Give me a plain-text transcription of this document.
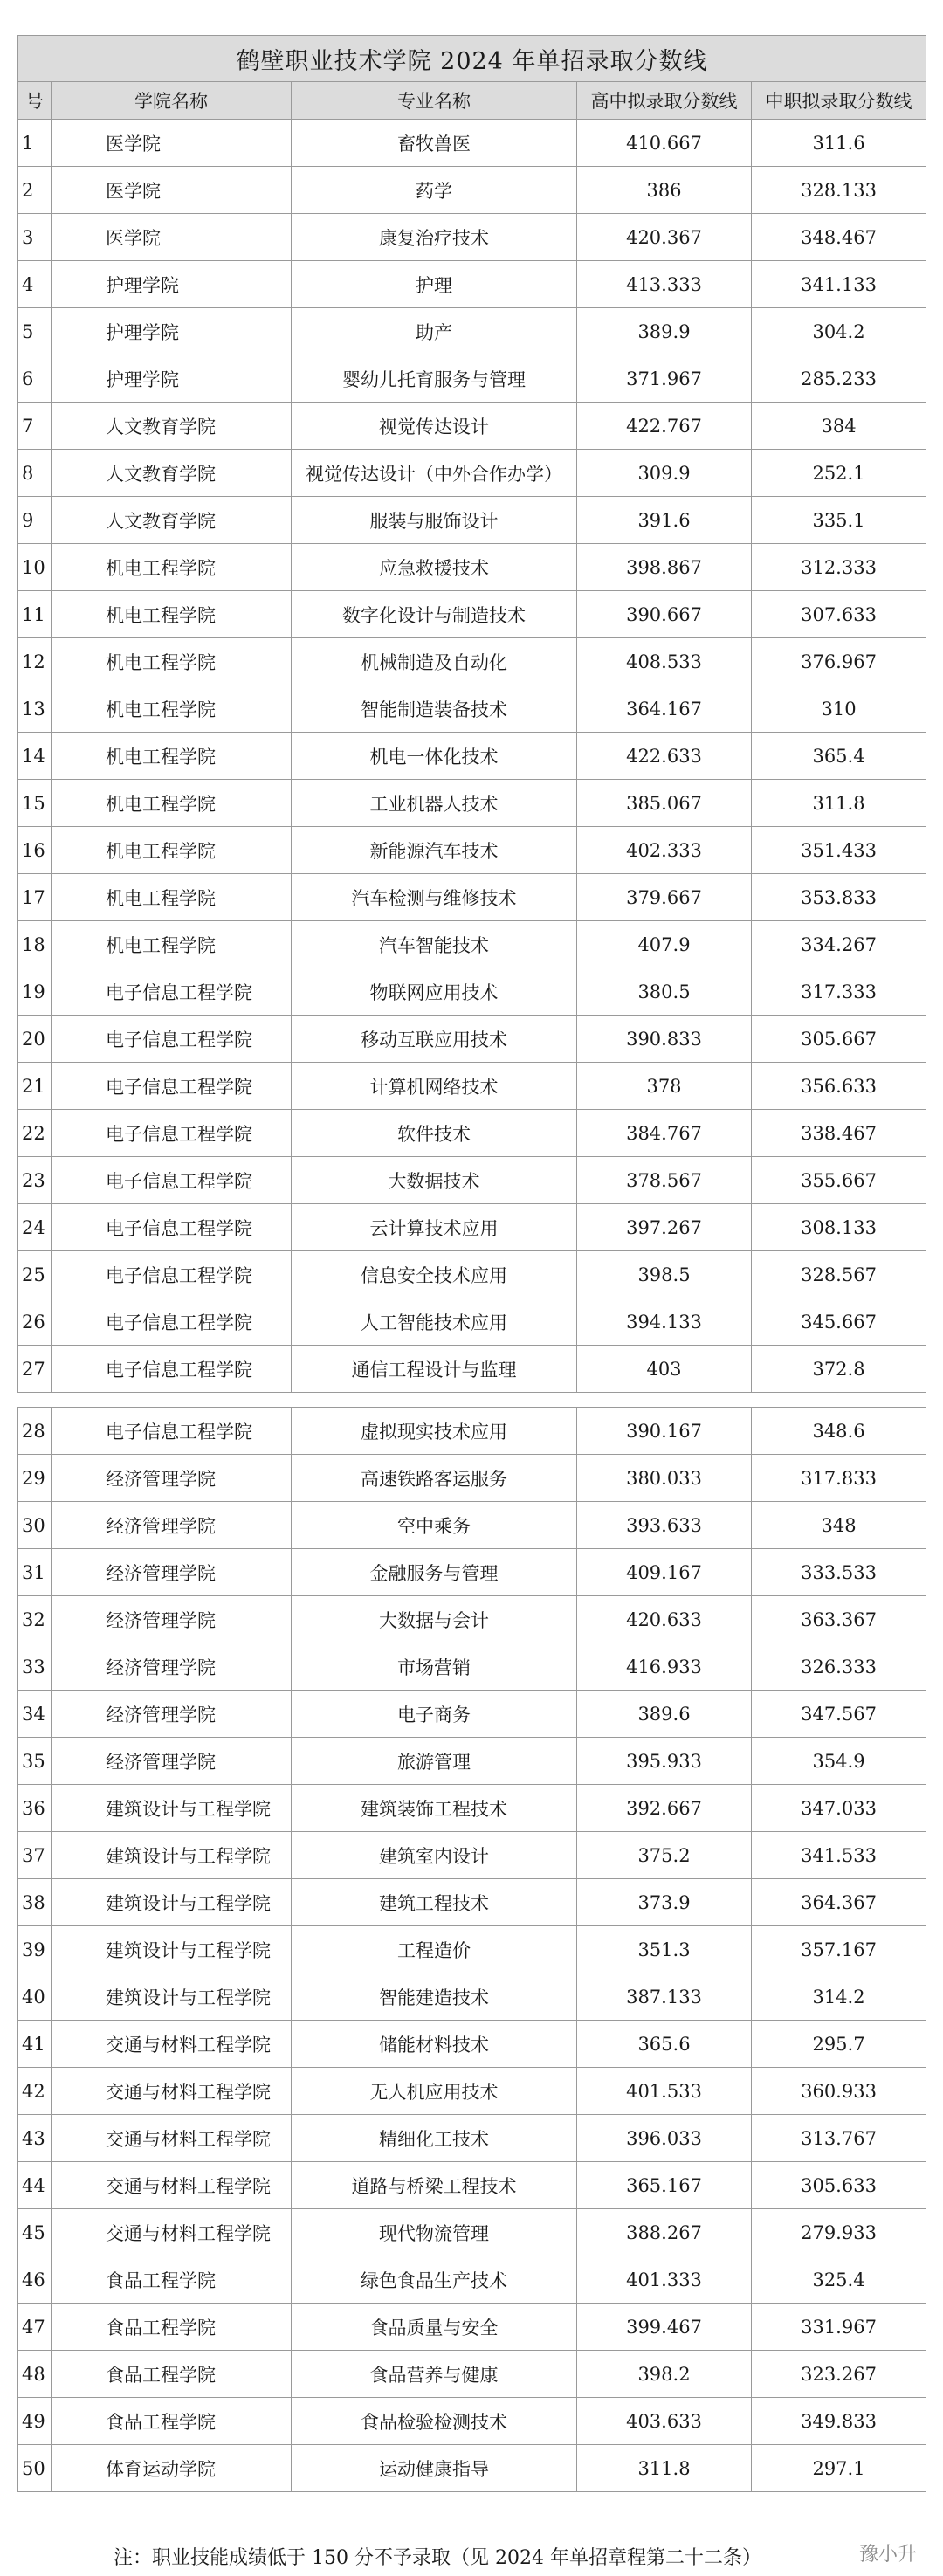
鹤壁职业技术学院 2024 年单招录取分数线				
号	学院名称	专业名称	高中拟录取分数线	中职拟录取分数线
1	医学院	畜牧兽医	410.667	311.6
2	医学院	药学	386	328.133
3	医学院	康复治疗技术	420.367	348.467
4	护理学院	护理	413.333	341.133
5	护理学院	助产	389.9	304.2
6	护理学院	婴幼儿托育服务与管理	371.967	285.233
7	人文教育学院	视觉传达设计	422.767	384
8	人文教育学院	视觉传达设计（中外合作办学）	309.9	252.1
9	人文教育学院	服装与服饰设计	391.6	335.1
10	机电工程学院	应急救援技术	398.867	312.333
11	机电工程学院	数字化设计与制造技术	390.667	307.633
12	机电工程学院	机械制造及自动化	408.533	376.967
13	机电工程学院	智能制造装备技术	364.167	310
14	机电工程学院	机电一体化技术	422.633	365.4
15	机电工程学院	工业机器人技术	385.067	311.8
16	机电工程学院	新能源汽车技术	402.333	351.433
17	机电工程学院	汽车检测与维修技术	379.667	353.833
18	机电工程学院	汽车智能技术	407.9	334.267
19	电子信息工程学院	物联网应用技术	380.5	317.333
20	电子信息工程学院	移动互联应用技术	390.833	305.667
21	电子信息工程学院	计算机网络技术	378	356.633
22	电子信息工程学院	软件技术	384.767	338.467
23	电子信息工程学院	大数据技术	378.567	355.667
24	电子信息工程学院	云计算技术应用	397.267	308.133
25	电子信息工程学院	信息安全技术应用	398.5	328.567
26	电子信息工程学院	人工智能技术应用	394.133	345.667
27	电子信息工程学院	通信工程设计与监理	403	372.8

28	电子信息工程学院	虚拟现实技术应用	390.167	348.6
29	经济管理学院	高速铁路客运服务	380.033	317.833
30	经济管理学院	空中乘务	393.633	348
31	经济管理学院	金融服务与管理	409.167	333.533
32	经济管理学院	大数据与会计	420.633	363.367
33	经济管理学院	市场营销	416.933	326.333
34	经济管理学院	电子商务	389.6	347.567
35	经济管理学院	旅游管理	395.933	354.9
36	建筑设计与工程学院	建筑装饰工程技术	392.667	347.033
37	建筑设计与工程学院	建筑室内设计	375.2	341.533
38	建筑设计与工程学院	建筑工程技术	373.9	364.367
39	建筑设计与工程学院	工程造价	351.3	357.167
40	建筑设计与工程学院	智能建造技术	387.133	314.2
41	交通与材料工程学院	储能材料技术	365.6	295.7
42	交通与材料工程学院	无人机应用技术	401.533	360.933
43	交通与材料工程学院	精细化工技术	396.033	313.767
44	交通与材料工程学院	道路与桥梁工程技术	365.167	305.633
45	交通与材料工程学院	现代物流管理	388.267	279.933
46	食品工程学院	绿色食品生产技术	401.333	325.4
47	食品工程学院	食品质量与安全	399.467	331.967
48	食品工程学院	食品营养与健康	398.2	323.267
49	食品工程学院	食品检验检测技术	403.633	349.833
50	体育运动学院	运动健康指导	311.8	297.1
注：职业技能成绩低于 150 分不予录取（见 2024 年单招章程第二十二条）	豫小升
